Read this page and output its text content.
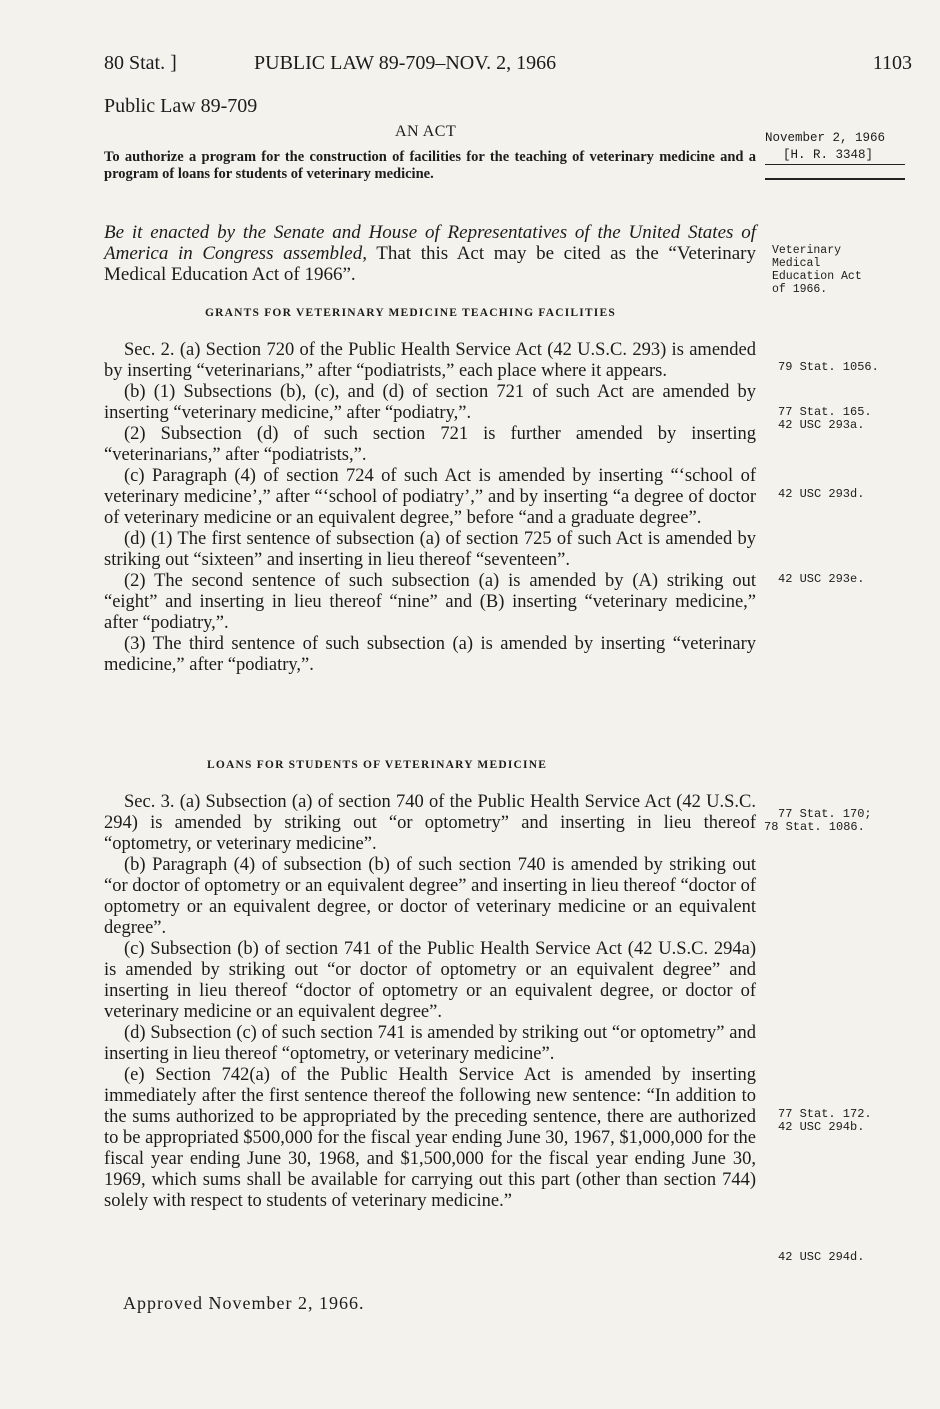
80 Stat. ]	PUBLIC LAW 89-709–NOV. 2, 1966	1103
Public Law 89-709
AN ACT	November 2, 1966
[H. R. 3348]

To authorize a program for the construction of facilities for the teaching of veterinary medicine and a program of loans for students of veterinary medicine.

Be it enacted by the Senate and House of Representatives of the United States of America in Congress assembled, That this Act may be cited as the “Veterinary Medical Education Act of 1966”.
Veterinary Medical Education Act of 1966.
GRANTS FOR VETERINARY MEDICINE TEACHING FACILITIES

Sec. 2. (a) Section 720 of the Public Health Service Act (42 U.S.C. 293) is amended by inserting “veterinarians,” after “podiatrists,” each place where it appears.

(b) (1) Subsections (b), (c), and (d) of section 721 of such Act are amended by inserting “veterinary medicine,” after “podiatry,”.

(2) Subsection (d) of such section 721 is further amended by inserting “veterinarians,” after “podiatrists,”.

(c) Paragraph (4) of section 724 of such Act is amended by inserting “‘school of veterinary medicine’,” after “‘school of podiatry’,” and by inserting “a degree of doctor of veterinary medicine or an equivalent degree,” before “and a graduate degree”.

(d) (1) The first sentence of subsection (a) of section 725 of such Act is amended by striking out “sixteen” and inserting in lieu thereof “seventeen”.

(2) The second sentence of such subsection (a) is amended by (A) striking out “eight” and inserting in lieu thereof “nine” and (B) inserting “veterinary medicine,” after “podiatry,”.

(3) The third sentence of such subsection (a) is amended by inserting “veterinary medicine,” after “podiatry,”.

79 Stat. 1056.
77 Stat. 165.
42 USC 293a.
42 USC 293d.
42 USC 293e.
LOANS FOR STUDENTS OF VETERINARY MEDICINE

Sec. 3. (a) Subsection (a) of section 740 of the Public Health Service Act (42 U.S.C. 294) is amended by striking out “or optometry” and inserting in lieu thereof “optometry, or veterinary medicine”.

(b) Paragraph (4) of subsection (b) of such section 740 is amended by striking out “or doctor of optometry or an equivalent degree” and inserting in lieu thereof “doctor of optometry or an equivalent degree, or doctor of veterinary medicine or an equivalent degree”.

(c) Subsection (b) of section 741 of the Public Health Service Act (42 U.S.C. 294a) is amended by striking out “or doctor of optometry or an equivalent degree” and inserting in lieu thereof “doctor of optometry or an equivalent degree, or doctor of veterinary medicine or an equivalent degree”.

(d) Subsection (c) of such section 741 is amended by striking out “or optometry” and inserting in lieu thereof “optometry, or veterinary medicine”.

(e) Section 742(a) of the Public Health Service Act is amended by inserting immediately after the first sentence thereof the following new sentence: “In addition to the sums authorized to be appropriated by the preceding sentence, there are authorized to be appropriated $500,000 for the fiscal year ending June 30, 1967, $1,000,000 for the fiscal year ending June 30, 1968, and $1,500,000 for the fiscal year ending June 30, 1969, which sums shall be available for carrying out this part (other than section 744) solely with respect to students of veterinary medicine.”

77 Stat. 170;
78 Stat. 1086.
77 Stat. 172.
42 USC 294b.
42 USC 294d.
Approved November 2, 1966.
